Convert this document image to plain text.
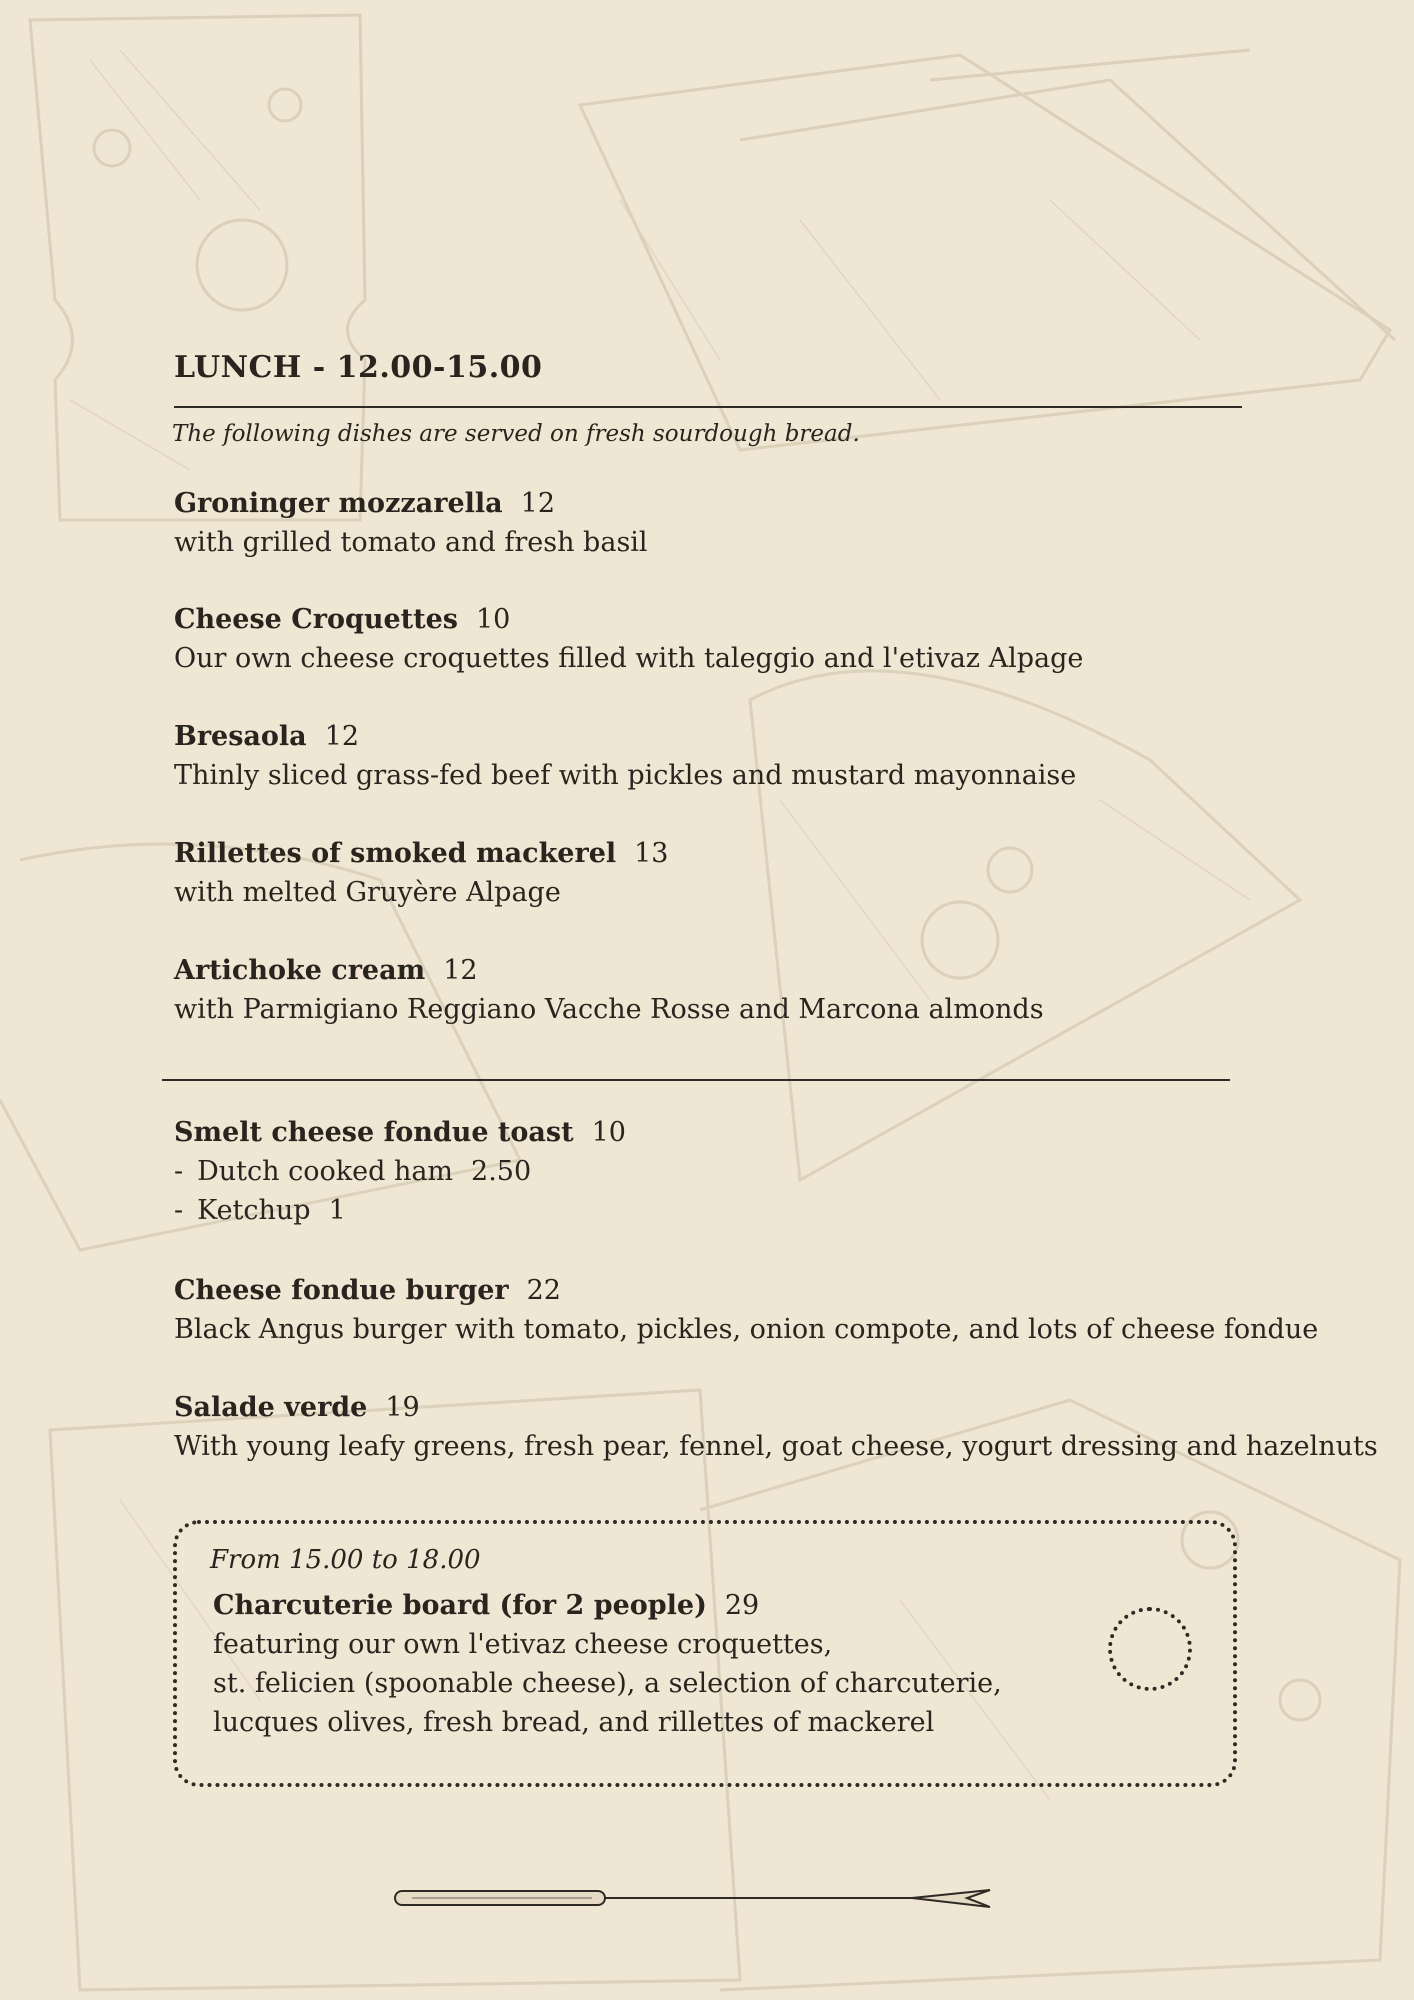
LUNCH - 12.00-15.00
The following dishes are served on fresh sourdough bread.
Groninger mozzarella 12
with grilled tomato and fresh basil
Cheese Croquettes 10
Our own cheese croquettes filled with taleggio and l'etivaz Alpage
Bresaola 12
Thinly sliced grass-fed beef with pickles and mustard mayonnaise
Rillettes of smoked mackerel 13
with melted Gruyère Alpage
Artichoke cream 12
with Parmigiano Reggiano Vacche Rosse and Marcona almonds
Smelt cheese fondue toast 10
- Dutch cooked ham 2.50
- Ketchup 1
Cheese fondue burger 22
Black Angus burger with tomato, pickles, onion compote, and lots of cheese fondue
Salade verde 19
With young leafy greens, fresh pear, fennel, goat cheese, yogurt dressing and hazelnuts
From 15.00 to 18.00
Charcuterie board (for 2 people) 29
featuring our own l'etivaz cheese croquettes,
st. felicien (spoonable cheese), a selection of charcuterie,
lucques olives, fresh bread, and rillettes of mackerel
